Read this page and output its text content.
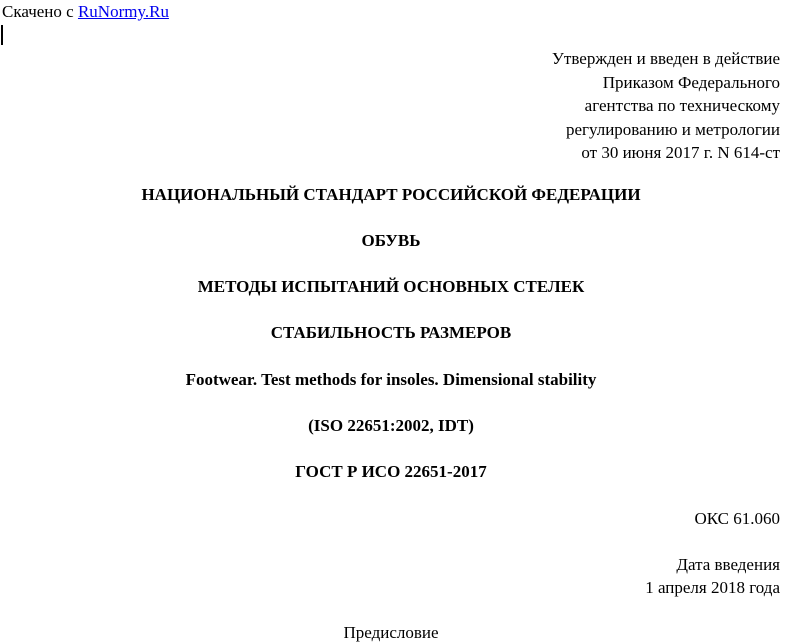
Скачено с RuNormy.Ru
Утвержден и введен в действие
Приказом Федерального
агентства по техническому
регулированию и метрологии
от 30 июня 2017 г. N 614-ст
НАЦИОНАЛЬНЫЙ СТАНДАРТ РОССИЙСКОЙ ФЕДЕРАЦИИ
ОБУВЬ
МЕТОДЫ ИСПЫТАНИЙ ОСНОВНЫХ СТЕЛЕК
СТАБИЛЬНОСТЬ РАЗМЕРОВ
Footwear. Test methods for insoles. Dimensional stability
(ISO 22651:2002, IDT)
ГОСТ Р ИСО 22651-2017
ОКС 61.060
Дата введения
1 апреля 2018 года
Предисловие
